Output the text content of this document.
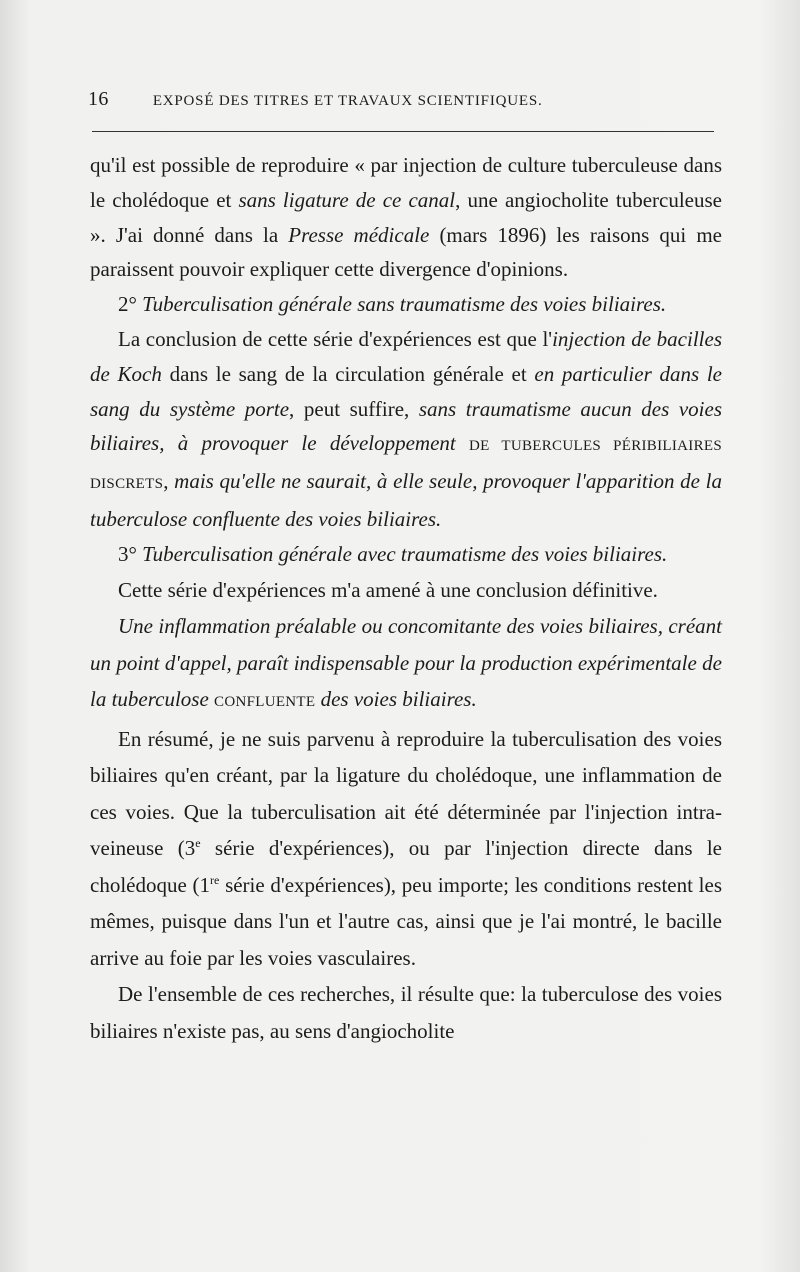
16	EXPOSÉ DES TITRES ET TRAVAUX SCIENTIFIQUES.

qu'il est possible de reproduire « par injection de culture tuberculeuse dans le cholédoque et sans ligature de ce canal, une angiocholite tuberculeuse ». J'ai donné dans la Presse médicale (mars 1896) les raisons qui me paraissent pouvoir expliquer cette divergence d'opinions.

2° Tuberculisation générale sans traumatisme des voies biliaires.

La conclusion de cette série d'expériences est que l'injection de bacilles de Koch dans le sang de la circulation générale et en particulier dans le sang du système porte, peut suffire, sans traumatisme aucun des voies biliaires, à provoquer le développement DE TUBERCULES PÉRIBILIAIRES DISCRETS, mais qu'elle ne saurait, à elle seule, provoquer l'apparition de la tuberculose confluente des voies biliaires.

3° Tuberculisation générale avec traumatisme des voies biliaires.

Cette série d'expériences m'a amené à une conclusion définitive.

Une inflammation préalable ou concomitante des voies biliaires, créant un point d'appel, paraît indispensable pour la production expérimentale de la tuberculose CONFLUENTE des voies biliaires.

En résumé, je ne suis parvenu à reproduire la tuberculisation des voies biliaires qu'en créant, par la ligature du cholédoque, une inflammation de ces voies. Que la tuberculisation ait été déterminée par l'injection intra-veineuse (3e série d'expériences), ou par l'injection directe dans le cholédoque (1re série d'expériences), peu importe; les conditions restent les mêmes, puisque dans l'un et l'autre cas, ainsi que je l'ai montré, le bacille arrive au foie par les voies vasculaires.

De l'ensemble de ces recherches, il résulte que: la tuberculose des voies biliaires n'existe pas, au sens d'angiocholite
